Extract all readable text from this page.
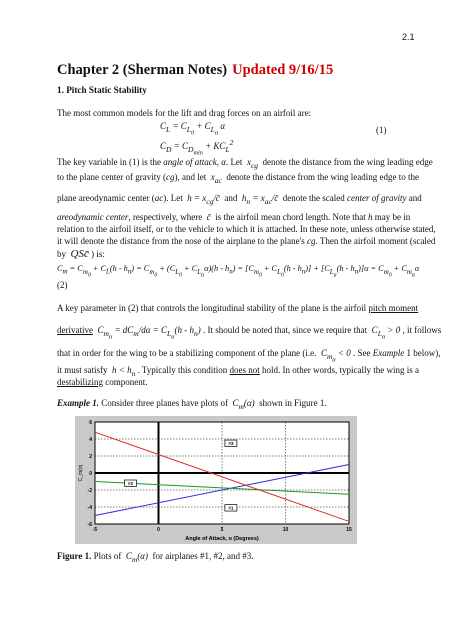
2.1
Chapter 2 (Sherman Notes) Updated 9/16/15
1. Pitch Static Stability
The most common models for the lift and drag forces on an airfoil are:
$C_L = C_{L_0} + C_{L_\alpha}$ α
$C_D = C_{D_{min}} + KC_L^2$
(1)
The key variable in (1) is the angle of attack, α. Let  $x_{cg}$  denote the distance from the wing leading edge
to the plane center of gravity (cg), and let  $x_{ac}$  denote the distance from the wing leading edge to the
plane areodynamic center (ac). Let  $h = x_{cg}/c̄$  and  $h_n$ = $x_{ac}/c̄$  denote the scaled center of gravity and
areodynamic center, respectively, where  c̄  is the airfoil mean chord length. Note that h may be in
relation to the airfoil itself, or to the vehicle to which it is attached. In these note, unless otherwise stated,
it will denote the distance from the nose of the airplane to the plane's cg. Then the airfoil moment (scaled
by  QSc̄ ) is:
$C_m = C_{m_0} + C_L(h - h_n) = C_{m_0} + (C_{L_0} + C_{L_\alpha}\alpha)(h - h_n) = [C_{m_0} + C_{L_0}(h - h_n)] + [C_{L_\alpha}(h - h_n)]\alpha = C_{m_0} + C_{m_\alpha}\alpha$
(2)
A key parameter in (2) that controls the longitudinal stability of the plane is the airfoil pitch moment
derivative $C_{m_\alpha} = dC_m/d\alpha = C_{L_\alpha}(h - h_n)$ . It should be noted that, since we require that  $C_{L_\alpha} > 0$ , it follows
that in order for the wing to be a stabilizing component of the plane (i.e.  $C_{m_\alpha} < 0$ . See Example 1 below),
it must satisfy  $h < h_n$ . Typically this condition does not hold. In other words, typically the wing is a
destabilizing component.
Example 1. Consider three planes have plots of  $C_m(\alpha)$  shown in Figure 1.
-5	0	5	10	15
6
4
2
0
-2
-4
-6
#1
#2
#3
Angle of Attack, α (Degrees)
C_m(α)
Figure 1. Plots of  $C_m(\alpha)$  for airplanes #1, #2, and #3.
